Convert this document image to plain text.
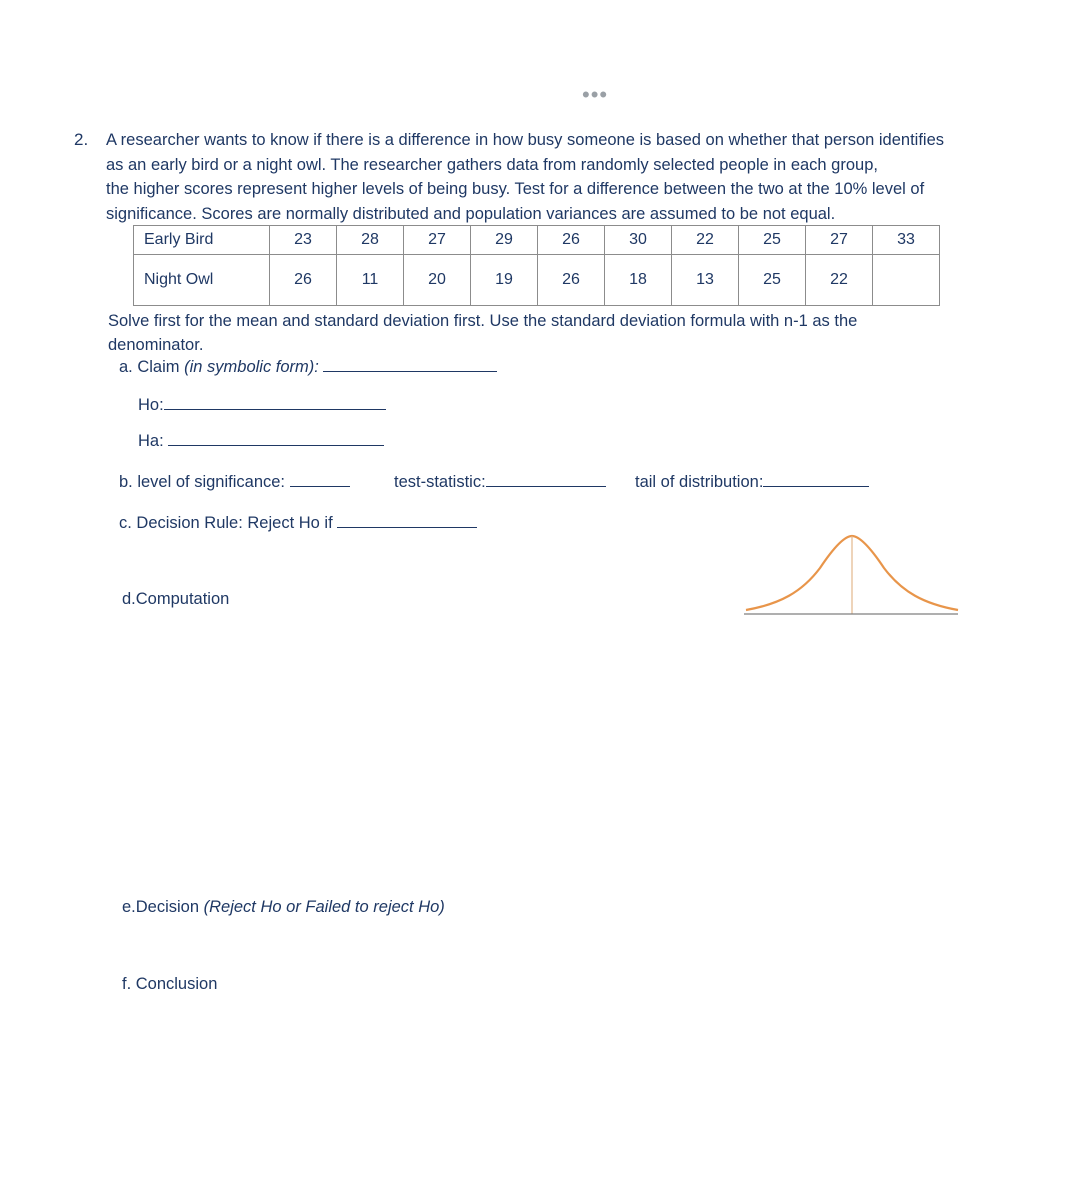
•••
2. A researcher wants to know if there is a difference in how busy someone is based on whether that person identifies
as an early bird or a night owl. The researcher gathers data from randomly selected people in each group,
the higher scores represent higher levels of being busy. Test for a difference between the two at the 10% level of
significance. Scores are normally distributed and population variances are assumed to be not equal.
Early Bird	23	28	27	29	26	30	22	25	27	33
Night Owl	26	11	20	19	26	18	13	25	22	
Solve first for the mean and standard deviation first. Use the standard deviation formula with n-1 as the
denominator.
a. Claim (in symbolic form):
Ho:
Ha:
b. level of significance:	test-statistic:	tail of distribution:
c. Decision Rule: Reject Ho if
d.Computation
e.Decision (Reject Ho or Failed to reject Ho)
f. Conclusion
